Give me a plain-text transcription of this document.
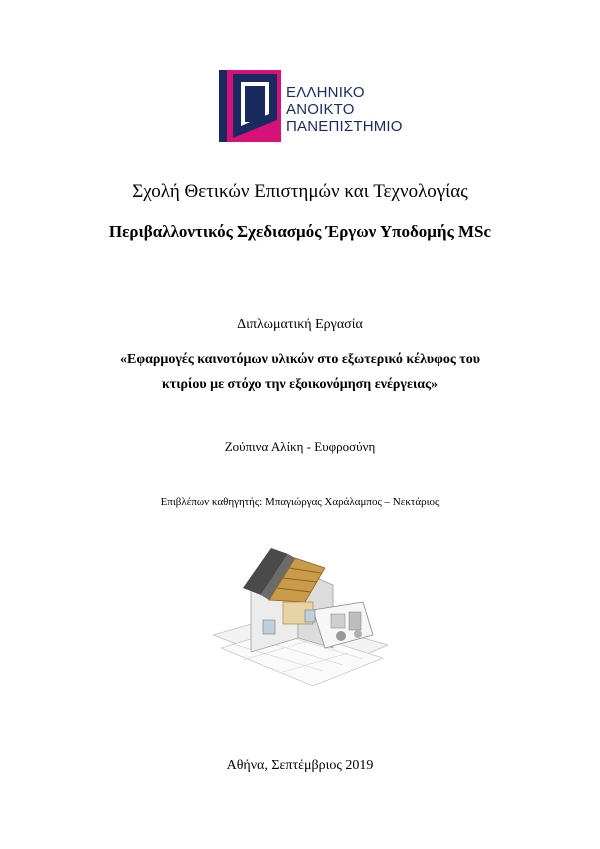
ΕΛΛΗΝΙΚΟ
ΑΝΟΙΚΤΟ
ΠΑΝΕΠΙΣΤΗΜΙΟ
Σχολή Θετικών Επιστημών και Τεχνολογίας
Περιβαλλοντικός Σχεδιασμός Έργων Υποδομής MSc
Διπλωματική Εργασία
«Εφαρμογές καινοτόμων υλικών στο εξωτερικό κέλυφος του
κτιρίου με στόχο την εξοικονόμηση ενέργειας»
Ζούπινα Αλίκη - Ευφροσύνη
Επιβλέπων καθηγητής: Μπαγιώργας Χαράλαμπος – Νεκτάριος
Αθήνα, Σεπτέμβριος 2019
